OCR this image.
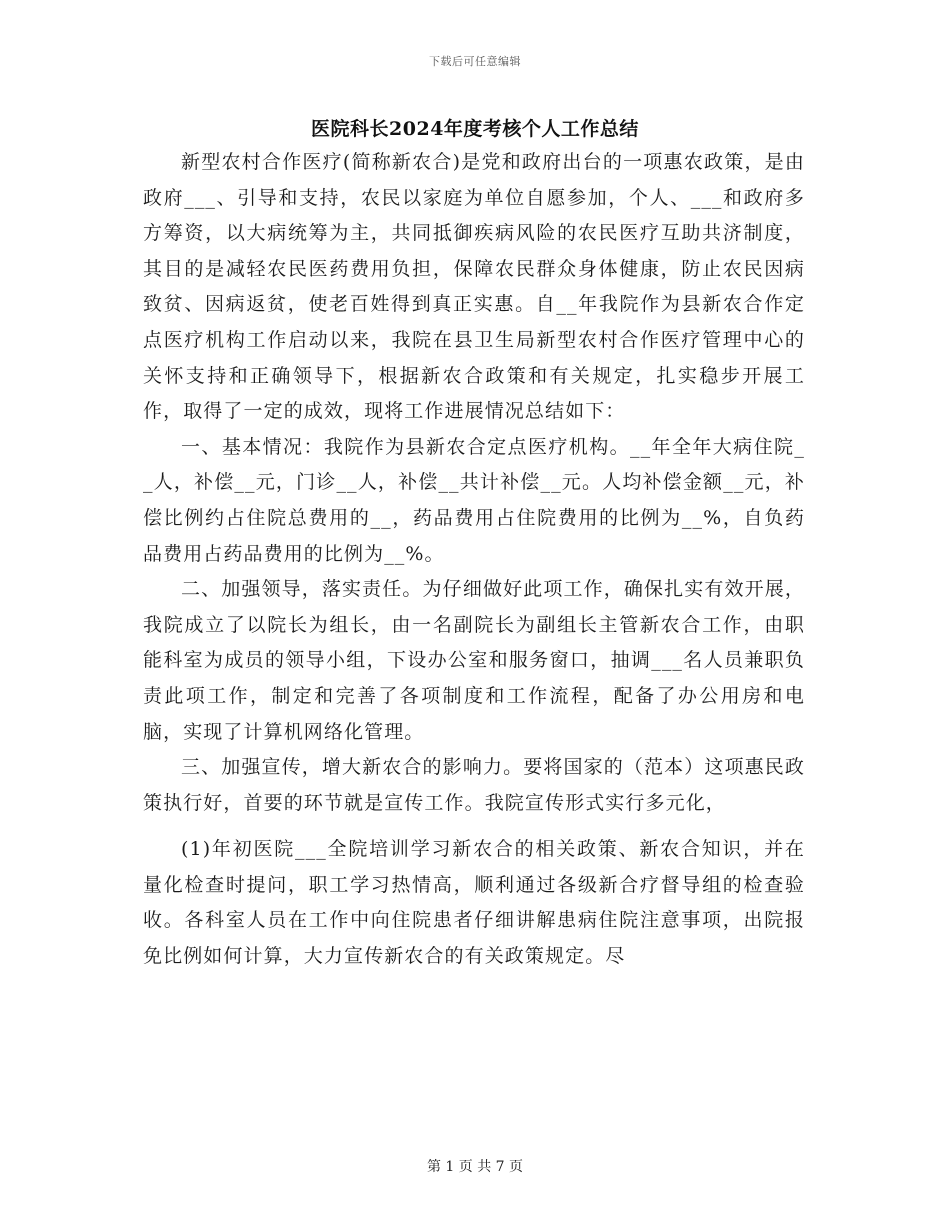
下载后可任意编辑
医院科长2024年度考核个人工作总结

新型农村合作医疗(简称新农合)是党和政府出台的一项惠农政策，是由政府___、引导和支持，农民以家庭为单位自愿参加，个人、___和政府多方筹资，以大病统筹为主，共同抵御疾病风险的农民医疗互助共济制度，其目的是减轻农民医药费用负担，保障农民群众身体健康，防止农民因病致贫、因病返贫，使老百姓得到真正实惠。自__年我院作为县新农合作定点医疗机构工作启动以来，我院在县卫生局新型农村合作医疗管理中心的关怀支持和正确领导下，根据新农合政策和有关规定，扎实稳步开展工作，取得了一定的成效，现将工作进展情况总结如下：

一、基本情况：我院作为县新农合定点医疗机构。__年全年大病住院__人，补偿__元，门诊__人，补偿__共计补偿__元。人均补偿金额__元，补偿比例约占住院总费用的__，药品费用占住院费用的比例为__%，自负药品费用占药品费用的比例为__%。

二、加强领导，落实责任。为仔细做好此项工作，确保扎实有效开展，我院成立了以院长为组长，由一名副院长为副组长主管新农合工作，由职能科室为成员的领导小组，下设办公室和服务窗口，抽调___名人员兼职负责此项工作，制定和完善了各项制度和工作流程，配备了办公用房和电脑，实现了计算机网络化管理。

三、加强宣传，增大新农合的影响力。要将国家的（范本）这项惠民政策执行好，首要的环节就是宣传工作。我院宣传形式实行多元化，

(1)年初医院___全院培训学习新农合的相关政策、新农合知识，并在量化检查时提问，职工学习热情高，顺利通过各级新合疗督导组的检查验收。各科室人员在工作中向住院患者仔细讲解患病住院注意事项，出院报免比例如何计算，大力宣传新农合的有关政策规定。尽

第 1 页 共 7 页
